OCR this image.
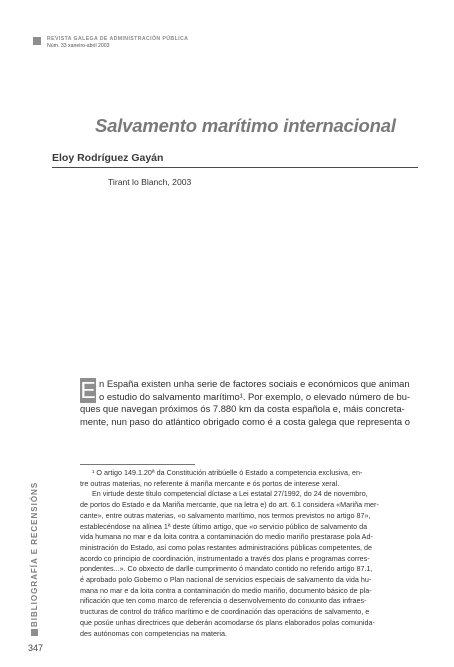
REVISTA GALEGA DE ADMINISTRACIÓN PÚBLICA
Núm. 33 xaneiro-abril 2003
Salvamento marítimo internacional
Eloy Rodríguez Gayán
Tirant lo Blanch, 2003
n España existen unha serie de factores sociais e económicos que animan
o estudio do salvamento marítimo¹. Por exemplo, o elevado número de bu-
ques que navegan próximos ós 7.880 km da costa española e, máis concreta-
mente, nun paso do atlántico obrigado como é a costa galega que representa o
E
¹ O artigo 149.1.20ª da Constitución atribúelle ó Estado a competencia exclusiva, en-
tre outras materias, no referente á mariña mercante e ós portos de interese xeral.
En virtude deste título competencial díctase a Lei estatal 27/1992, do 24 de novembro,
de portos do Estado e da Mariña mercante, que na letra e) do art. 6.1 considera «Mariña mer-
cante», entre outras materias, «o salvamento marítimo, nos termos previstos no artigo 87»,
establecéndose na alínea 1ª deste último artigo, que «o servicio público de salvamento da
vida humana no mar e da loita contra a contaminación do medio mariño prestarase pola Ad-
ministración do Estado, así como polas restantes administracións públicas competentes, de
acordo co principio de coordinación, instrumentado a través dos plans e programas corres-
pondentes...». Co obxecto de darlle cumprimento ó mandato contido no referido artigo 87.1,
é aprobado polo Goberno o Plan nacional de servicios especiais de salvamento da vida hu-
mana no mar e da loita contra a contaminación do medio mariño, documento básico de pla-
nificación que ten como marco de referencia o desenvolvemento do conxunto das infraes-
tructuras de control do tráfico marítimo e de coordinación das operacións de salvamento, e
que posúe unhas directrices que deberán acomodarse ós plans elaborados polas comunida-
des autónomas con competencias na materia.
BIBLIOGRAFÍA E RECENSIÓNS
347
